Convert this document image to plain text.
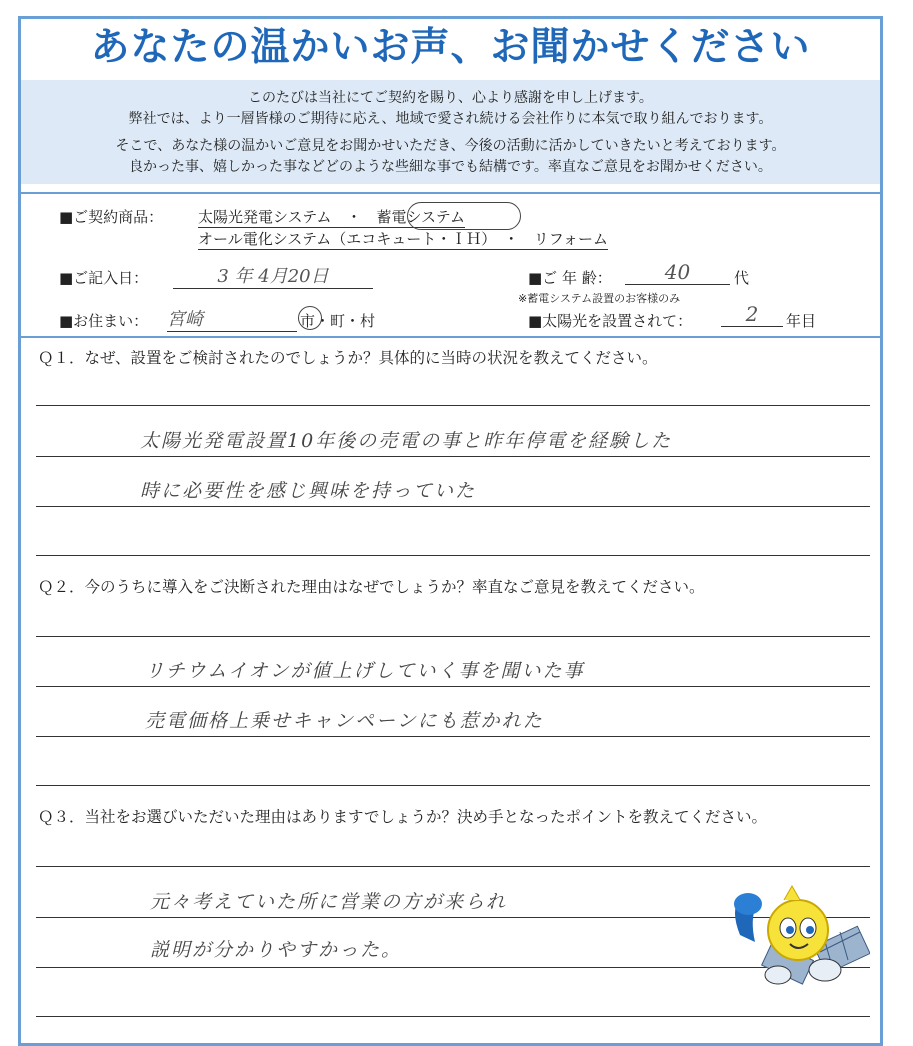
あなたの温かいお声、お聞かせください

このたびは当社にてご契約を賜り、心より感謝を申し上げます。

弊社では、より一層皆様のご期待に応え、地域で愛され続ける会社作りに本気で取り組んでおります。

そこで、あなた様の温かいご意見をお聞かせいただき、今後の活動に活かしていきたいと考えております。

良かった事、嬉しかった事などどのような些細な事でも結構です。率直なご意見をお聞かせください。

■ご契約商品： 太陽光発電システム　・　蓄電システム
オール電化システム（エコキュート・ＩＨ）　・　リフォーム
■ご記入日：	3 年 4月20日	■ご 年 齢：	40	代
※蓄電システム設置のお客様のみ
■お住まい： 宮崎	市・町・村	■太陽光を設置されて：	2	年目
Ｑ１．なぜ、設置をご検討されたのでしょうか？具体的に当時の状況を教えてください。
太陽光発電設置10年後の売電の事と昨年停電を経験した
時に必要性を感じ興味を持っていた
Ｑ２．今のうちに導入をご決断された理由はなぜでしょうか？率直なご意見を教えてください。
リチウムイオンが値上げしていく事を聞いた事
売電価格上乗せキャンペーンにも惹かれた
Ｑ３．当社をお選びいただいた理由はありますでしょうか？決め手となったポイントを教えてください。
元々考えていた所に営業の方が来られ
説明が分かりやすかった。
